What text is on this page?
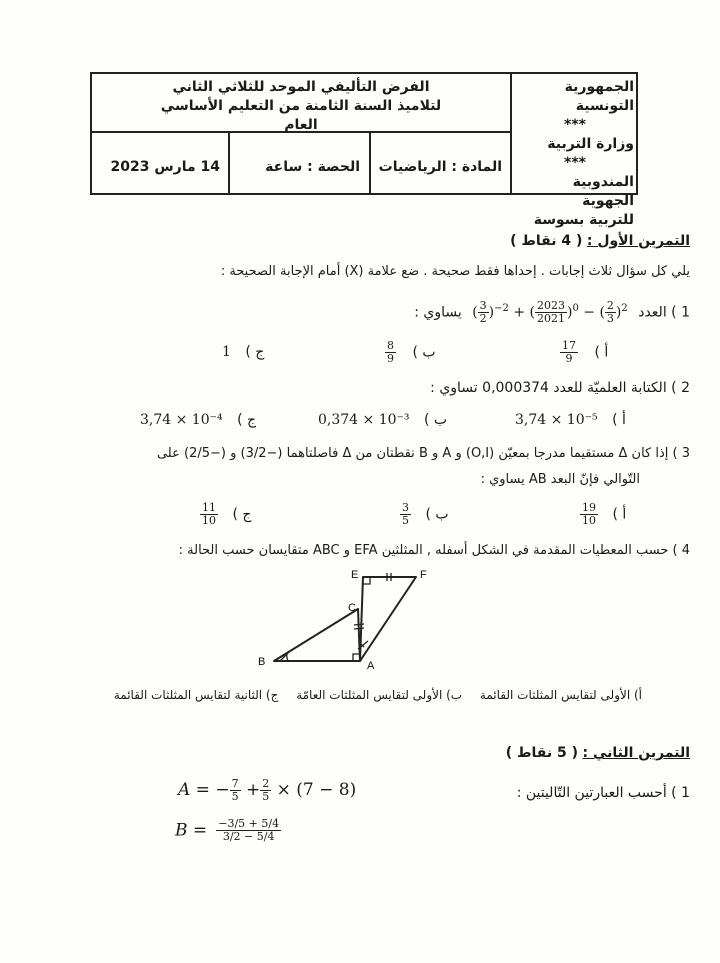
الجمهورية التونسية
***
وزارة التربية
***
المندوبية الجهوية
للتربية بسوسة
الفرض التأليفي الموحد للثلاثي الثاني
لتلاميذ السنة الثامنة من التعليم الأساسي
العام
المادة : الرياضيات
الحصة : ساعة
14 مارس 2023
التمرين الأول : ( 4 نقاط )
يلي كل سؤال ثلاث إجابات . إحداها فقط صحيحة . ضع علامة (X) أمام الإجابة الصحيحة :
1 ) العدد ( $\frac{3}{2} )^{-2}$ + ( $\frac{2023}{2021} )^0$ − ( $\frac{2}{3} )^2$ يساوي :
أ )
$\frac{17}{9}$
ب )
$\frac{8}{9}$
ج ) 1
2 ) الكتابة العلميّة للعدد 0,000374 تساوي :
أ ) 3,74 × 10⁻⁵
ب ) 0,374 × 10⁻³
ج ) 3,74 × 10⁻⁴
3 ) إذا كان Δ مستقيما مدرجا بمعيّن (O,I) و A و B نقطتان من Δ فاصلتاهما (−3/2) و (−2/5) على
التّوالي فإنّ البعد AB يساوي :
أ )
$\frac{19}{10}$
ب )
$\frac{3}{5}$
ج )
$\frac{11}{10}$
4 ) حسب المعطيات المقدمة في الشكل أسفله , المثلثين EFA و ABC متقايسان حسب الحالة :
E	F
C
B	A
أ) الأولى لتقايس المثلثات القائمة ب) الأولى لتقايس المثلثات العامّة ج) الثانية لتقايس المثلثات القائمة
التمرين الثاني : ( 5 نقاط )
1 ) أحسب العبارتين التّاليتين :
A = − $\frac{7}{5} + \frac{2}{5} \times (7 - 8)$
$B = \frac{-3/5 + 5/4}{3/2 - 5/4}$
